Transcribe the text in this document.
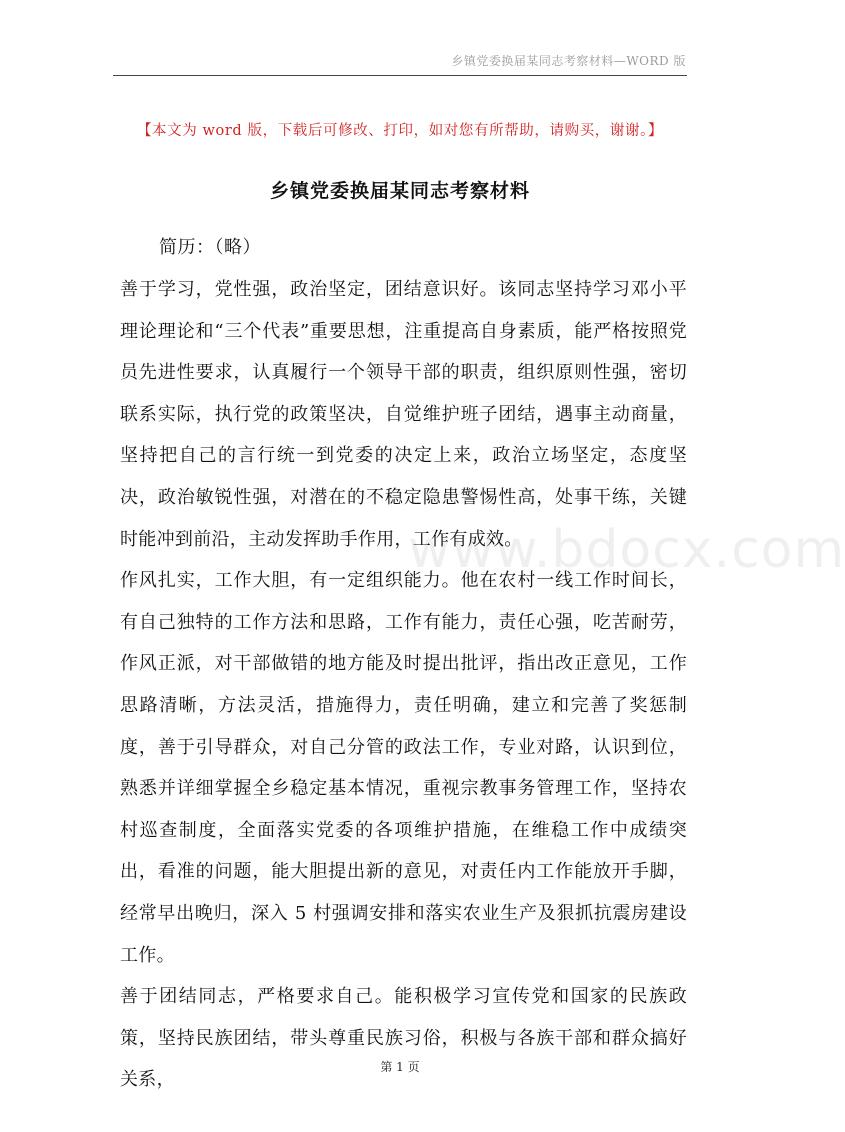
乡镇党委换届某同志考察材料—WORD 版
【本文为 word 版，下载后可修改、打印，如对您有所帮助，请购买，谢谢。】
乡镇党委换届某同志考察材料

简历：（略）

善于学习，党性强，政治坚定，团结意识好。该同志坚持学习邓小平理论理论和“三个代表”重要思想，注重提高自身素质，能严格按照党员先进性要求，认真履行一个领导干部的职责，组织原则性强，密切联系实际，执行党的政策坚决，自觉维护班子团结，遇事主动商量，坚持把自己的言行统一到党委的决定上来，政治立场坚定，态度坚决，政治敏锐性强，对潜在的不稳定隐患警惕性高，处事干练，关键时能冲到前沿，主动发挥助手作用，工作有成效。

作风扎实，工作大胆，有一定组织能力。他在农村一线工作时间长，有自己独特的工作方法和思路，工作有能力，责任心强，吃苦耐劳，作风正派，对干部做错的地方能及时提出批评，指出改正意见，工作思路清晰，方法灵活，措施得力，责任明确，建立和完善了奖惩制度，善于引导群众，对自己分管的政法工作，专业对路，认识到位，熟悉并详细掌握全乡稳定基本情况，重视宗教事务管理工作，坚持农村巡查制度，全面落实党委的各项维护措施，在维稳工作中成绩突出，看准的问题，能大胆提出新的意见，对责任内工作能放开手脚，经常早出晚归，深入 5 村强调安排和落实农业生产及狠抓抗震房建设工作。

善于团结同志，严格要求自己。能积极学习宣传党和国家的民族政策，坚持民族团结，带头尊重民族习俗，积极与各族干部和群众搞好关系，

www.bdocx.com
第 1 页
